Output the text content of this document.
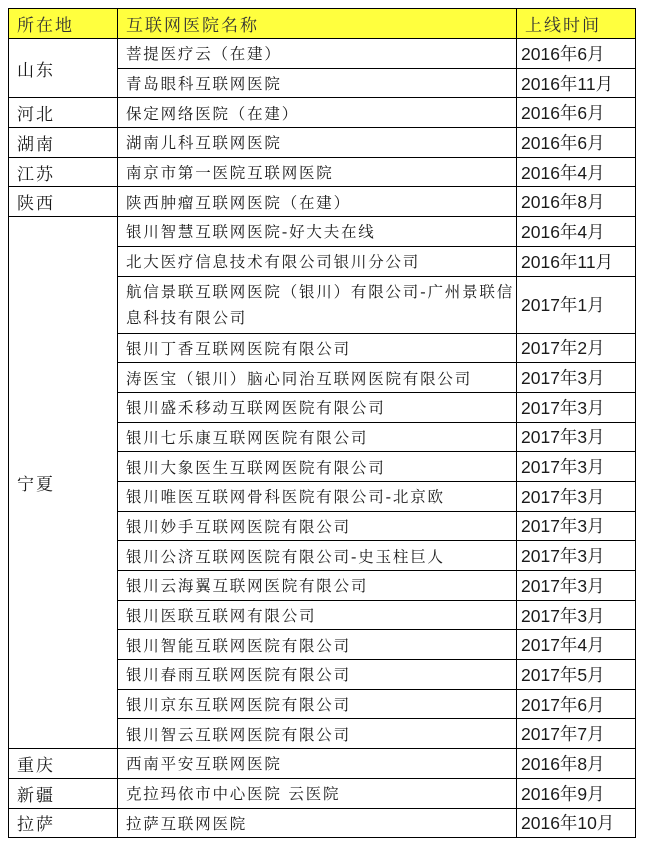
所在地	互联网医院名称	上线时间
山东	菩提医疗云（在建）	2016年6月
	青岛眼科互联网医院	2016年11月
河北	保定网络医院（在建）	2016年6月
湖南	湖南儿科互联网医院	2016年6月
江苏	南京市第一医院互联网医院	2016年4月
陕西	陕西肿瘤互联网医院（在建）	2016年8月
宁夏	银川智慧互联网医院-好大夫在线	2016年4月
	北大医疗信息技术有限公司银川分公司	2016年11月
	航信景联互联网医院（银川）有限公司-广州景联信息科技有限公司	2017年1月
	银川丁香互联网医院有限公司	2017年2月
	涛医宝（银川）脑心同治互联网医院有限公司	2017年3月
	银川盛禾移动互联网医院有限公司	2017年3月
	银川七乐康互联网医院有限公司	2017年3月
	银川大象医生互联网医院有限公司	2017年3月
	银川唯医互联网骨科医院有限公司-北京欧	2017年3月
	银川妙手互联网医院有限公司	2017年3月
	银川公济互联网医院有限公司-史玉柱巨人	2017年3月
	银川云海翼互联网医院有限公司	2017年3月
	银川医联互联网有限公司	2017年3月
	银川智能互联网医院有限公司	2017年4月
	银川春雨互联网医院有限公司	2017年5月
	银川京东互联网医院有限公司	2017年6月
	银川智云互联网医院有限公司	2017年7月
重庆	西南平安互联网医院	2016年8月
新疆	克拉玛依市中心医院 云医院	2016年9月
拉萨	拉萨互联网医院	2016年10月
